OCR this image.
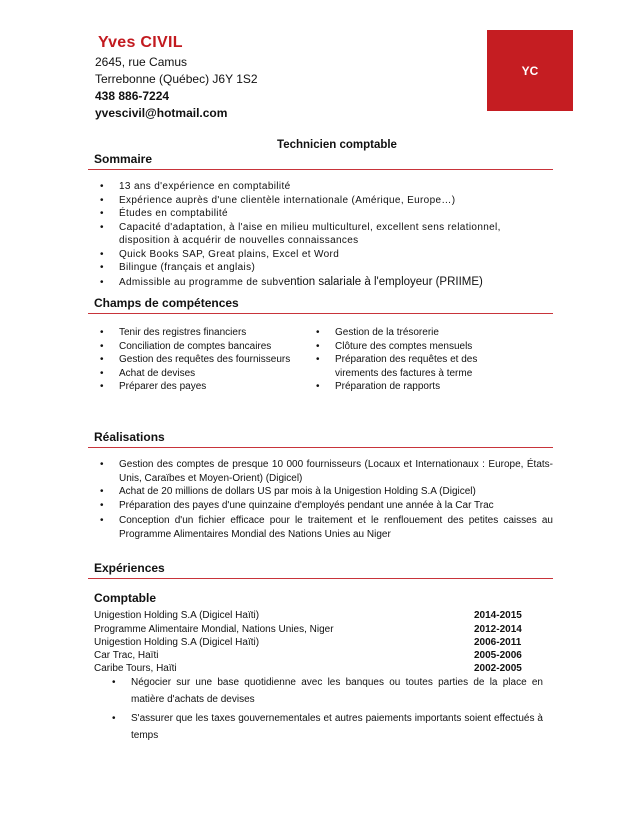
Yves CIVIL
2645, rue Camus
Terrebonne (Québec) J6Y 1S2
438 886-7224
yvescivil@hotmail.com
YC
Technicien comptable
Sommaire
• 13 ans d'expérience en comptabilité
• Expérience auprès d'une clientèle internationale (Amérique, Europe…)
• Études en comptabilité
• Capacité d'adaptation, à l'aise en milieu multiculturel, excellent sens relationnel, disposition à acquérir de nouvelles connaissances
• Quick Books SAP, Great plains, Excel et Word
• Bilingue (français et anglais)
• Admissible au programme de subvention salariale à l'employeur (PRIIME)
Champs de compétences
• Tenir des registres financiers
• Conciliation de comptes bancaires
• Gestion des requêtes des fournisseurs
• Achat de devises
• Préparer des payes
• Gestion de la trésorerie
• Clôture des comptes mensuels
• Préparation des requêtes et des virements des factures à terme
• Préparation de rapports
Réalisations
• Gestion des comptes de presque 10 000 fournisseurs (Locaux et Internationaux : Europe, États-Unis, Caraïbes et Moyen-Orient) (Digicel)
• Achat de 20 millions de dollars US par mois à la Unigestion Holding S.A (Digicel)
• Préparation des payes d'une quinzaine d'employés pendant une année à la Car Trac
• Conception d'un fichier efficace pour le traitement et le renflouement des petites caisses au Programme Alimentaires Mondial des Nations Unies au Niger
Expériences
Comptable
Unigestion Holding S.A (Digicel Haïti)	2014-2015
Programme Alimentaire Mondial, Nations Unies, Niger	2012-2014
Unigestion Holding S.A (Digicel Haïti)	2006-2011
Car Trac, Haïti	2005-2006
Caribe Tours, Haïti	2002-2005
• Négocier sur une base quotidienne avec les banques ou toutes parties de la place en matière d'achats de devises
• S'assurer que les taxes gouvernementales et autres paiements importants soient effectués à temps
